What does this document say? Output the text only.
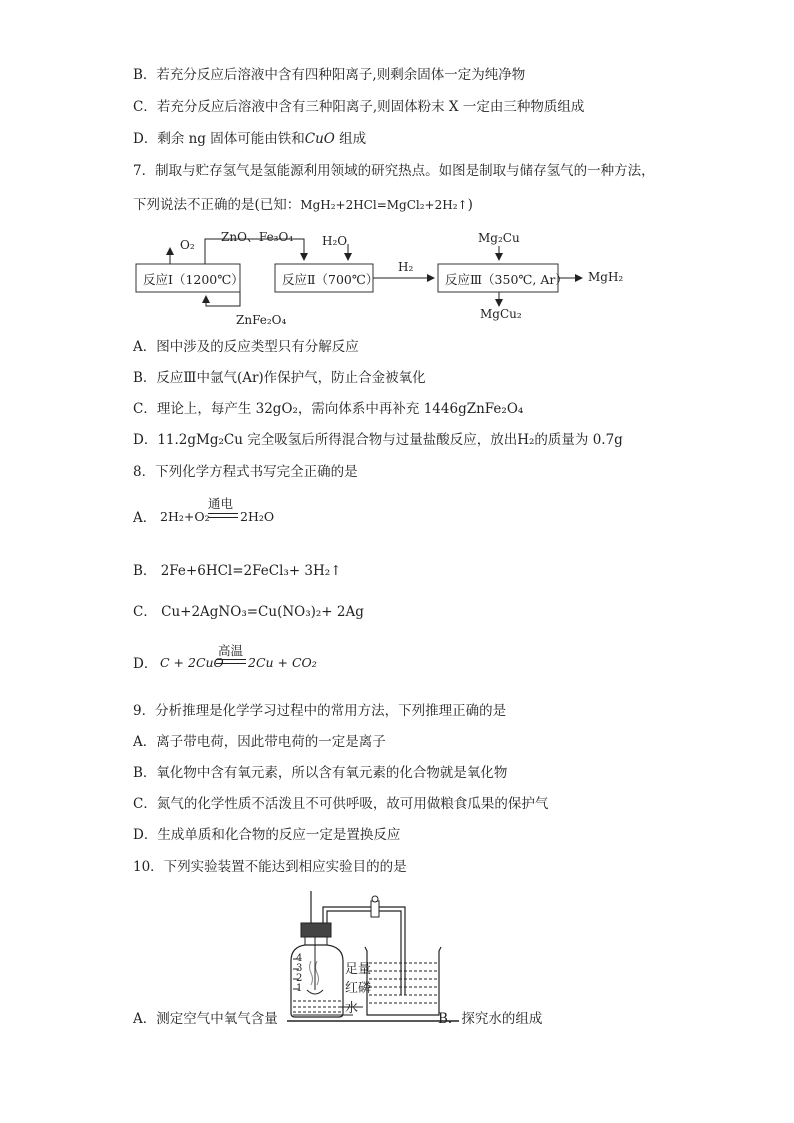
B．若充分反应后溶液中含有四种阳离子,则剩余固体一定为纯净物
C．若充分反应后溶液中含有三种阳离子,则固体粉末 X 一定由三种物质组成
D．剩余 ng 固体可能由铁和CuO 组成
7．制取与贮存氢气是氢能源利用领域的研究热点。如图是制取与储存氢气的一种方法，
下列说法不正确的是(已知：MgH₂+2HCl=MgCl₂+2H₂↑)
反应Ⅰ（1200℃）	反应Ⅱ（700℃）	反应Ⅲ（350℃, Ar）
O₂
ZnO、Fe₃O₄ H₂O
H₂
Mg₂Cu
MgH₂
MgCu₂
ZnFe₂O₄
A．图中涉及的反应类型只有分解反应
B．反应Ⅲ中氩气(Ar)作保护气，防止合金被氧化
C．理论上，每产生 32gO₂，需向体系中再补充 1446gZnFe₂O₄
D．11.2gMg₂Cu 完全吸氢后所得混合物与过量盐酸反应，放出H₂的质量为 0.7g
8．下列化学方程式书写完全正确的是
A． 2H₂+O₂
通电
2H₂O
B． 2Fe+6HCl=2FeCl₃+ 3H₂↑
C． Cu+2AgNO₃=Cu(NO₃)₂+ 2Ag
D． C + 2CuO
高温
2Cu + CO₂
9．分析推理是化学学习过程中的常用方法，下列推理正确的是
A．离子带电荷，因此带电荷的一定是离子
B．氧化物中含有氧元素，所以含有氧元素的化合物就是氧化物
C．氮气的化学性质不活泼且不可供呼吸，故可用做粮食瓜果的保护气
D．生成单质和化合物的反应一定是置换反应
10．下列实验装置不能达到相应实验目的的是
4
3
2
1
足量
红磷
水
A．测定空气中氧气含量	B．探究水的组成
